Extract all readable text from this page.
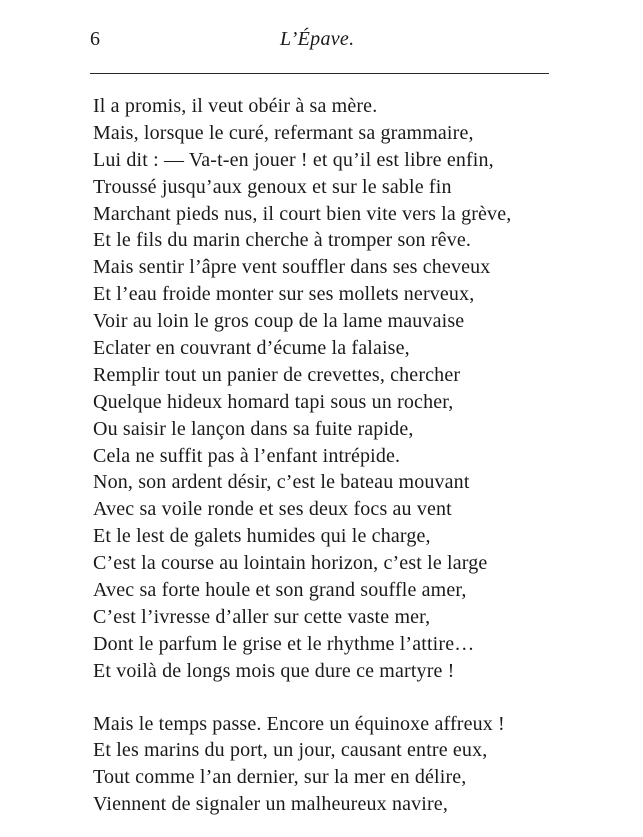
6	L’Épave.
Il a promis, il veut obéir à sa mère.
Mais, lorsque le curé, refermant sa grammaire,
Lui dit : — Va-t-en jouer ! et qu’il est libre enfin,
Troussé jusqu’aux genoux et sur le sable fin
Marchant pieds nus, il court bien vite vers la grève,
Et le fils du marin cherche à tromper son rêve.
Mais sentir l’âpre vent souffler dans ses cheveux
Et l’eau froide monter sur ses mollets nerveux,
Voir au loin le gros coup de la lame mauvaise
Eclater en couvrant d’écume la falaise,
Remplir tout un panier de crevettes, chercher
Quelque hideux homard tapi sous un rocher,
Ou saisir le lançon dans sa fuite rapide,
Cela ne suffit pas à l’enfant intrépide.
Non, son ardent désir, c’est le bateau mouvant
Avec sa voile ronde et ses deux focs au vent
Et le lest de galets humides qui le charge,
C’est la course au lointain horizon, c’est le large
Avec sa forte houle et son grand souffle amer,
C’est l’ivresse d’aller sur cette vaste mer,
Dont le parfum le grise et le rhythme l’attire…
Et voilà de longs mois que dure ce martyre !
Mais le temps passe. Encore un équinoxe affreux !
Et les marins du port, un jour, causant entre eux,
Tout comme l’an dernier, sur la mer en délire,
Viennent de signaler un malheureux navire,
